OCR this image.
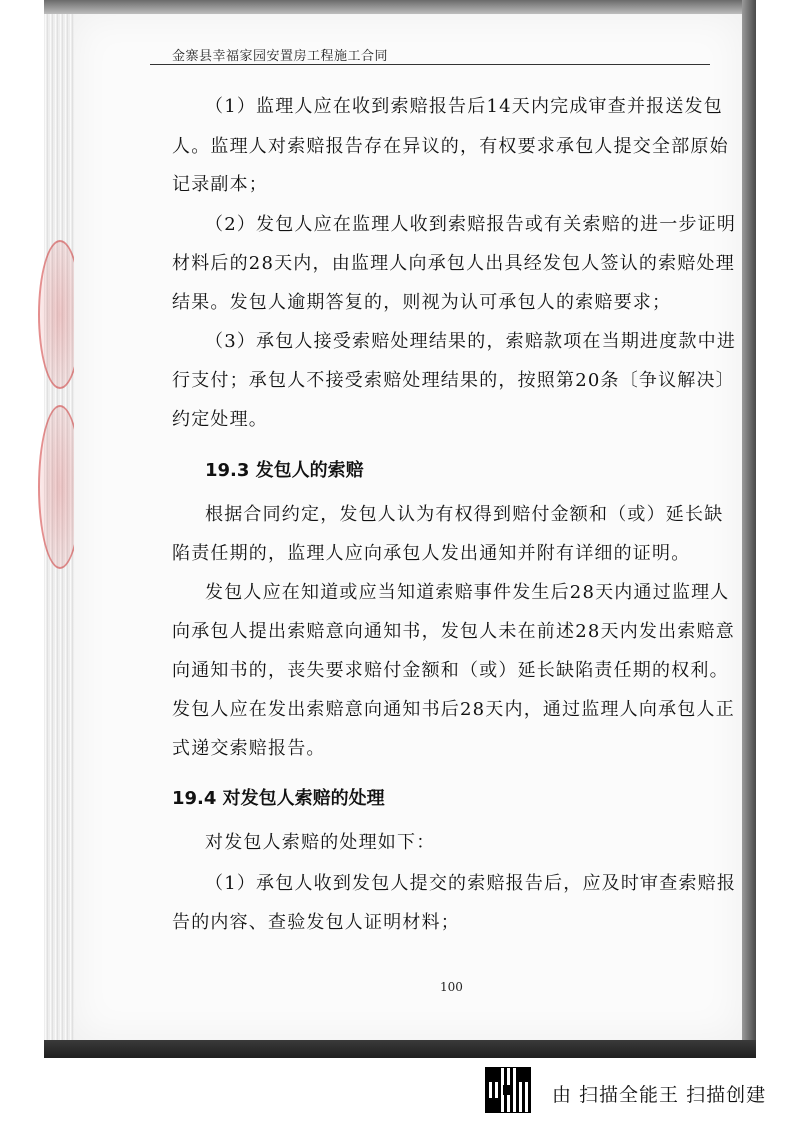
金寨县幸福家园安置房工程施工合同
（1）监理人应在收到索赔报告后14天内完成审查并报送发包
人。监理人对索赔报告存在异议的，有权要求承包人提交全部原始
记录副本；
（2）发包人应在监理人收到索赔报告或有关索赔的进一步证明
材料后的28天内，由监理人向承包人出具经发包人签认的索赔处理
结果。发包人逾期答复的，则视为认可承包人的索赔要求；
（3）承包人接受索赔处理结果的，索赔款项在当期进度款中进
行支付；承包人不接受索赔处理结果的，按照第20条〔争议解决〕
约定处理。
19.3 发包人的索赔
根据合同约定，发包人认为有权得到赔付金额和（或）延长缺
陷责任期的，监理人应向承包人发出通知并附有详细的证明。
发包人应在知道或应当知道索赔事件发生后28天内通过监理人
向承包人提出索赔意向通知书，发包人未在前述28天内发出索赔意
向通知书的，丧失要求赔付金额和（或）延长缺陷责任期的权利。
发包人应在发出索赔意向通知书后28天内，通过监理人向承包人正
式递交索赔报告。
19.4 对发包人索赔的处理
对发包人索赔的处理如下：
（1）承包人收到发包人提交的索赔报告后，应及时审查索赔报
告的内容、查验发包人证明材料；
100
由 扫描全能王 扫描创建
